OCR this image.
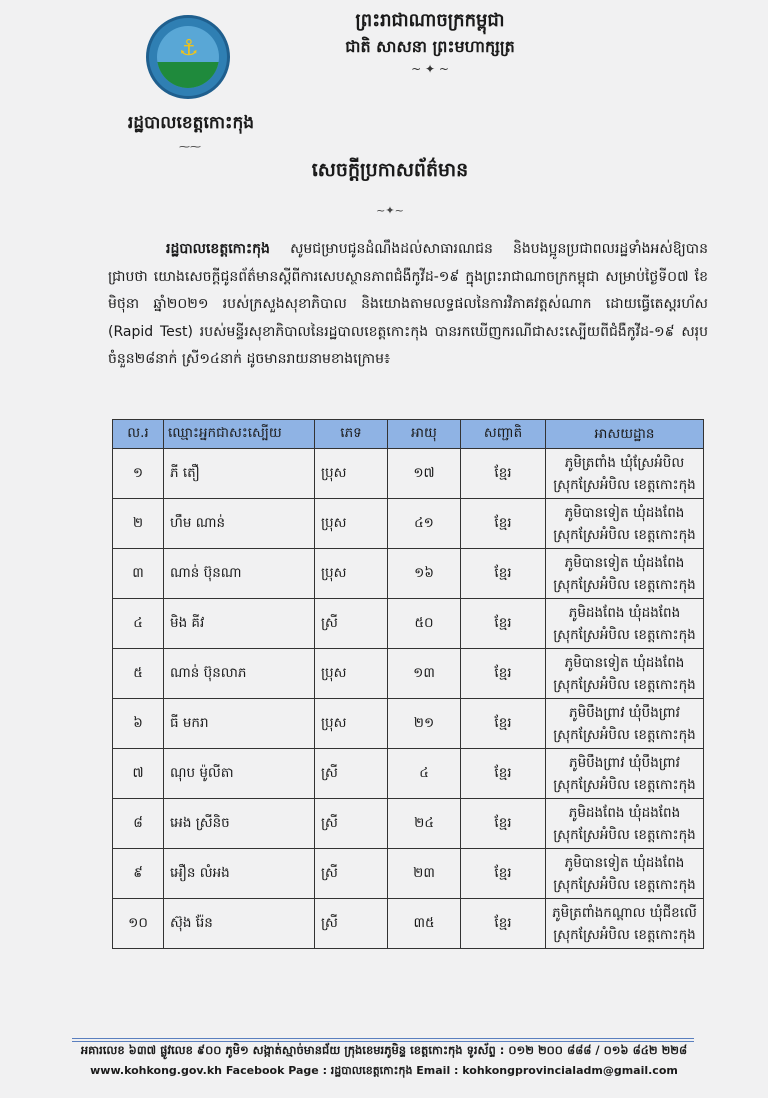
⚓
រដ្ឋបាលខេត្តកោះកុង
⁓⁓
ព្រះរាជាណាចក្រកម្ពុជា
ជាតិ សាសនា ព្រះមហាក្សត្រ
~ ✦ ~
សេចក្តីប្រកាសព័ត៌មាន
~✦~
រដ្ឋបាលខេត្តកោះកុង សូមជម្រាបជូនដំណឹងដល់សាធារណជន និងបងប្អូនប្រជាពលរដ្ឋទាំងអស់ឱ្យបានជ្រាបថា យោងសេចក្តីជូនព័ត៌មានស្តីពីការសេបស្ថានភាពជំងឺកូវីដ-១៩ ក្នុងព្រះរាជាណាចក្រកម្ពុជា សម្រាប់ថ្ងៃទី០៧ ខែមិថុនា ឆ្នាំ២០២១ របស់ក្រសួងសុខាភិបាល និងយោងតាមលទ្ធផលនៃការវិភាគវត្តស់ណាក ដោយធ្វើតេស្តរហ័ស (Rapid Test) របស់មន្ទីរសុខាភិបាលនៃរដ្ឋបាលខេត្តកោះកុង បានរកឃើញករណីជាសះស្បើយពីជំងឺកូវីដ-១៩ សរុបចំនួន២៨នាក់ ស្រី១៤នាក់ ដូចមានរាយនាមខាងក្រោម៖
ល.រ	ឈ្មោះអ្នកជាសះស្បើយ	ភេទ	អាយុ	សញ្ជាតិ	អាសយដ្ឋាន
១	ភី តឿ	ប្រុស	១៧	ខ្មែរ	ភូមិត្រពាំង ឃុំស្រែអំបិល
ស្រុកស្រែអំបិល ខេត្តកោះកុង

២	ហឹម ណាន់	ប្រុស	៤១	ខ្មែរ	ភូមិបានទៀត ឃុំដងពែង
ស្រុកស្រែអំបិល ខេត្តកោះកុង

៣	ណាន់ ប៊ុនណា	ប្រុស	១៦	ខ្មែរ	ភូមិបានទៀត ឃុំដងពែង
ស្រុកស្រែអំបិល ខេត្តកោះកុង

៤	មិង គីវ	ស្រី	៥០	ខ្មែរ	ភូមិដងពែង ឃុំដងពែង
ស្រុកស្រែអំបិល ខេត្តកោះកុង

៥	ណាន់ ប៊ុនលាភ	ប្រុស	១៣	ខ្មែរ	ភូមិបានទៀត ឃុំដងពែង
ស្រុកស្រែអំបិល ខេត្តកោះកុង

៦	ធី មករា	ប្រុស	២១	ខ្មែរ	ភូមិបឹងព្រាវ ឃុំបឹងព្រាវ
ស្រុកស្រែអំបិល ខេត្តកោះកុង

៧	ណុប ម៉ូលីតា	ស្រី	៤	ខ្មែរ	ភូមិបឹងព្រាវ ឃុំបឹងព្រាវ
ស្រុកស្រែអំបិល ខេត្តកោះកុង

៨	អេង ស្រីនិច	ស្រី	២៤	ខ្មែរ	ភូមិដងពែង ឃុំដងពែង
ស្រុកស្រែអំបិល ខេត្តកោះកុង

៩	អឿន លំអង	ស្រី	២៣	ខ្មែរ	ភូមិបានទៀត ឃុំដងពែង
ស្រុកស្រែអំបិល ខេត្តកោះកុង

១០	ស៊ុង រ៉ែន	ស្រី	៣៥	ខ្មែរ	ភូមិត្រពាំងកណ្តាល ឃុំជីខលើ
ស្រុកស្រែអំបិល ខេត្តកោះកុង
អគារលេខ ៦៣៧ ផ្លូវលេខ ៩០០ ភូមិ១ សង្កាត់ស្មាច់មានជ័យ ក្រុងខេមរភូមិន្ទ ខេត្តកោះកុង ទូរស័ព្ទ : ០១២ ២០០ ៨៨៨ / ០១៦ ៨៤២ ២២៨
www.kohkong.gov.kh Facebook Page : រដ្ឋបាលខេត្តកោះកុង Email : kohkongprovincialadm@gmail.com
